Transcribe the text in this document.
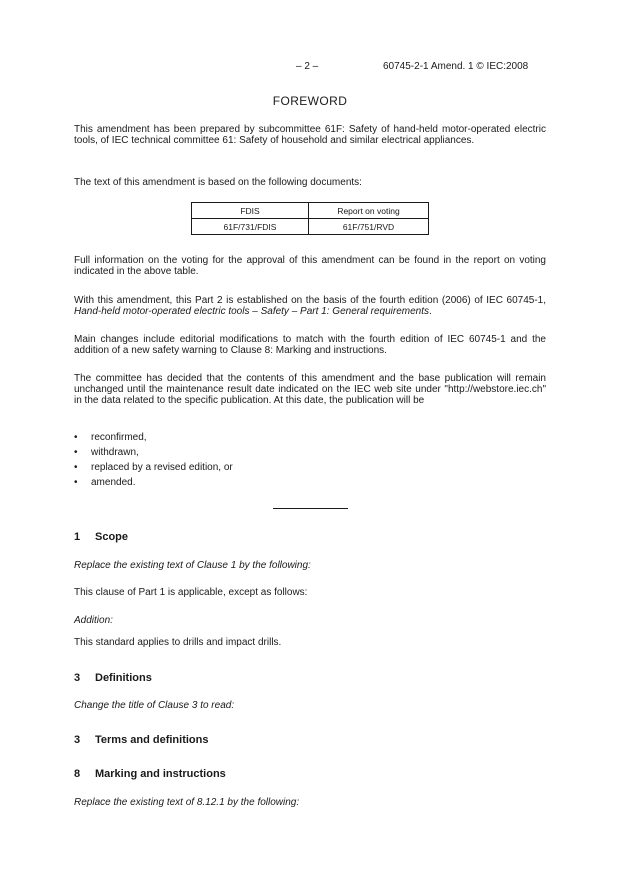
– 2 –	60745-2-1 Amend. 1 © IEC:2008
FOREWORD
This amendment has been prepared by subcommittee 61F: Safety of hand-held motor-operated electric tools, of IEC technical committee 61: Safety of household and similar electrical appliances.
The text of this amendment is based on the following documents:
FDIS	Report on voting
61F/731/FDIS	61F/751/RVD
Full information on the voting for the approval of this amendment can be found in the report on voting indicated in the above table.
With this amendment, this Part 2 is established on the basis of the fourth edition (2006) of IEC 60745-1, Hand-held motor-operated electric tools – Safety – Part 1: General requirements.
Main changes include editorial modifications to match with the fourth edition of IEC 60745-1 and the addition of a new safety warning to Clause 8: Marking and instructions.
The committee has decided that the contents of this amendment and the base publication will remain unchanged until the maintenance result date indicated on the IEC web site under "http://webstore.iec.ch" in the data related to the specific publication. At this date, the publication will be
• reconfirmed,
• withdrawn,
• replaced by a revised edition, or
• amended.
1 Scope
Replace the existing text of Clause 1 by the following:
This clause of Part 1 is applicable, except as follows:
Addition:
This standard applies to drills and impact drills.
3 Definitions
Change the title of Clause 3 to read:
3 Terms and definitions
8 Marking and instructions
Replace the existing text of 8.12.1 by the following:
